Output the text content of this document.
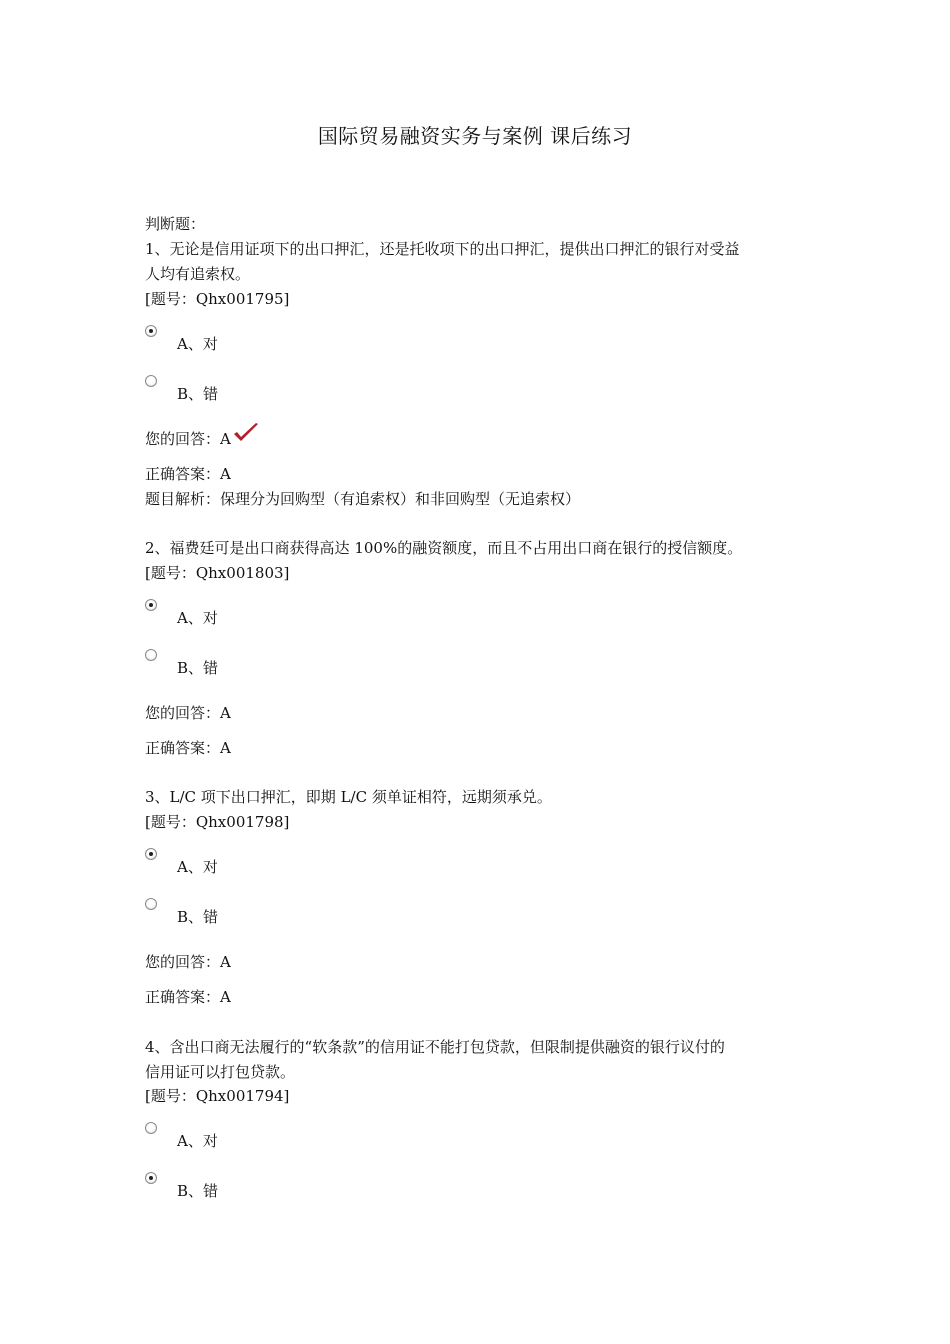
国际贸易融资实务与案例 课后练习
判断题：
1、无论是信用证项下的出口押汇，还是托收项下的出口押汇，提供出口押汇的银行对受益
人均有追索权。
[题号：Qhx001795]
A、对
B、错
您的回答：A
正确答案：A
题目解析：保理分为回购型（有追索权）和非回购型（无追索权）
2、福费廷可是出口商获得高达 100%的融资额度，而且不占用出口商在银行的授信额度。
[题号：Qhx001803]
A、对
B、错
您的回答：A
正确答案：A
3、L/C 项下出口押汇，即期 L/C 须单证相符，远期须承兑。
[题号：Qhx001798]
A、对
B、错
您的回答：A
正确答案：A
4、含出口商无法履行的“软条款”的信用证不能打包贷款，但限制提供融资的银行议付的
信用证可以打包贷款。
[题号：Qhx001794]
A、对
B、错
